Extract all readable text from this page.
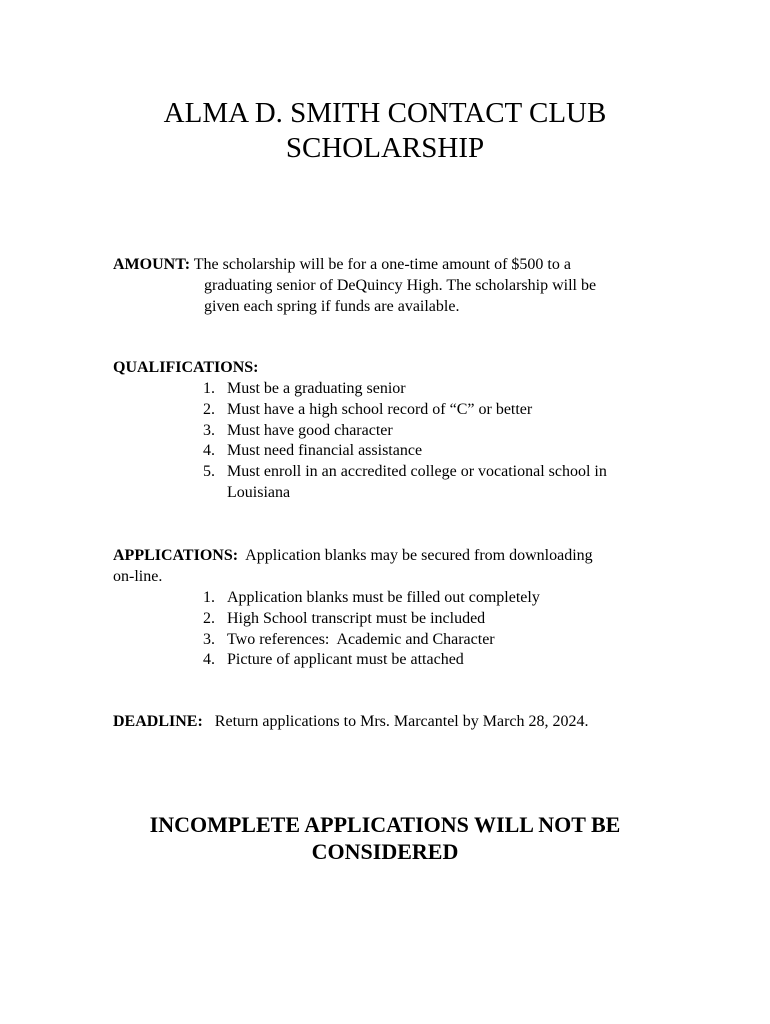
ALMA D. SMITH CONTACT CLUB
SCHOLARSHIP
AMOUNT: The scholarship will be for a one-time amount of $500 to a
graduating senior of DeQuincy High. The scholarship will be
given each spring if funds are available.
QUALIFICATIONS:
1. Must be a graduating senior
2. Must have a high school record of “C” or better
3. Must have good character
4. Must need financial assistance
5. Must enroll in an accredited college or vocational school in
Louisiana
APPLICATIONS:  Application blanks may be secured from downloading
on-line.
1. Application blanks must be filled out completely
2. High School transcript must be included
3. Two references:  Academic and Character
4. Picture of applicant must be attached
DEADLINE:   Return applications to Mrs. Marcantel by March 28, 2024.
INCOMPLETE APPLICATIONS WILL NOT BE
CONSIDERED
